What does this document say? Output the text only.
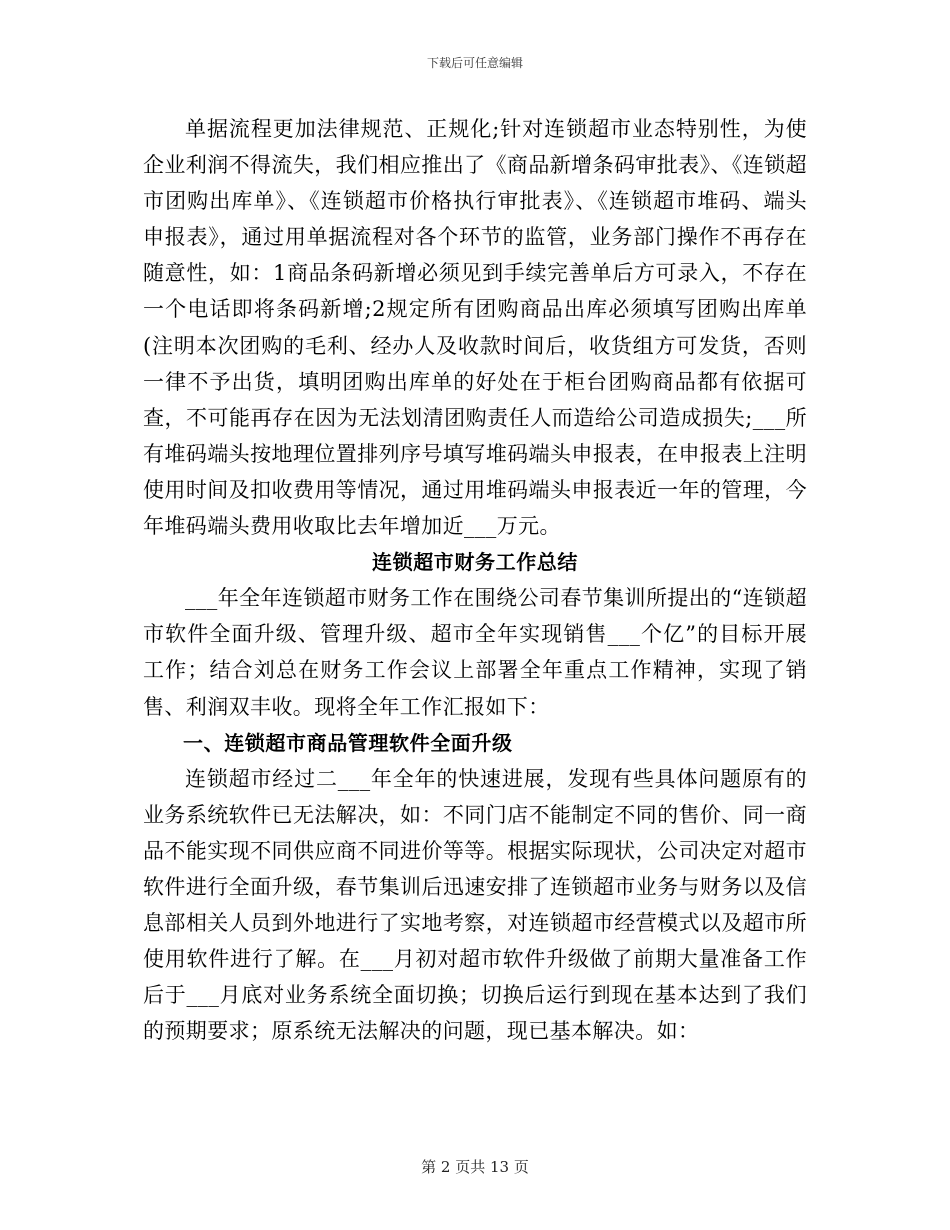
下载后可任意编辑

单据流程更加法律规范、正规化;针对连锁超市业态特别性，为使企业利润不得流失，我们相应推出了《商品新增条码审批表》、《连锁超市团购出库单》、《连锁超市价格执行审批表》、《连锁超市堆码、端头申报表》，通过用单据流程对各个环节的监管，业务部门操作不再存在随意性，如：1商品条码新增必须见到手续完善单后方可录入，不存在一个电话即将条码新增;2规定所有团购商品出库必须填写团购出库单(注明本次团购的毛利、经办人及收款时间后，收货组方可发货，否则一律不予出货，填明团购出库单的好处在于柜台团购商品都有依据可查，不可能再存在因为无法划清团购责任人而造给公司造成损失;___所有堆码端头按地理位置排列序号填写堆码端头申报表，在申报表上注明使用时间及扣收费用等情况，通过用堆码端头申报表近一年的管理，今年堆码端头费用收取比去年增加近___万元。

连锁超市财务工作总结

___年全年连锁超市财务工作在围绕公司春节集训所提出的“连锁超市软件全面升级、管理升级、超市全年实现销售___个亿”的目标开展工作；结合刘总在财务工作会议上部署全年重点工作精神，实现了销售、利润双丰收。现将全年工作汇报如下：

一、连锁超市商品管理软件全面升级

连锁超市经过二___年全年的快速进展，发现有些具体问题原有的业务系统软件已无法解决，如：不同门店不能制定不同的售价、同一商品不能实现不同供应商不同进价等等。根据实际现状，公司决定对超市软件进行全面升级，春节集训后迅速安排了连锁超市业务与财务以及信息部相关人员到外地进行了实地考察，对连锁超市经营模式以及超市所使用软件进行了解。在___月初对超市软件升级做了前期大量准备工作后于___月底对业务系统全面切换；切换后运行到现在基本达到了我们的预期要求；原系统无法解决的问题，现已基本解决。如：

第 2 页共 13 页
